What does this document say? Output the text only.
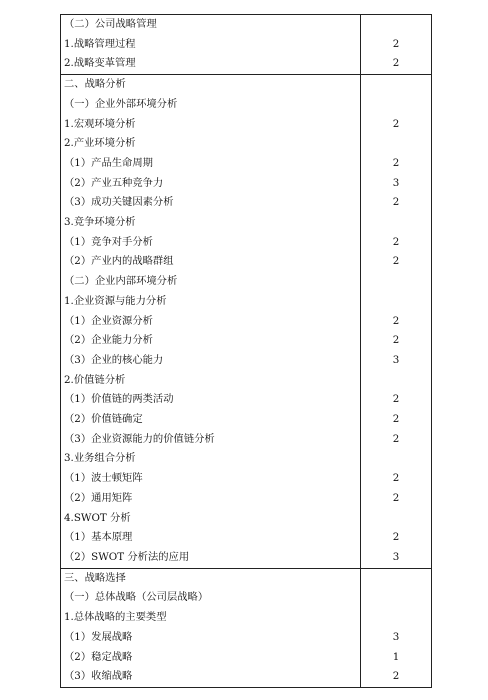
（二）公司战略管理	
1.战略管理过程	2
2.战略变革管理	2
二、战略分析	
（一）企业外部环境分析	
1.宏观环境分析	2
2.产业环境分析	
（1）产品生命周期	2
（2）产业五种竞争力	3
（3）成功关键因素分析	2
3.竞争环境分析	
（1）竞争对手分析	2
（2）产业内的战略群组	2
（二）企业内部环境分析	
1.企业资源与能力分析	
（1）企业资源分析	2
（2）企业能力分析	2
（3）企业的核心能力	3
2.价值链分析	
（1）价值链的两类活动	2
（2）价值链确定	2
（3）企业资源能力的价值链分析	2
3.业务组合分析	
（1）波士顿矩阵	2
（2）通用矩阵	2
4.SWOT 分析	
（1）基本原理	2
（2）SWOT 分析法的应用	3
三、战略选择	
（一）总体战略（公司层战略）	
1.总体战略的主要类型	
（1）发展战略	3
（2）稳定战略	1
（3）收缩战略	2
